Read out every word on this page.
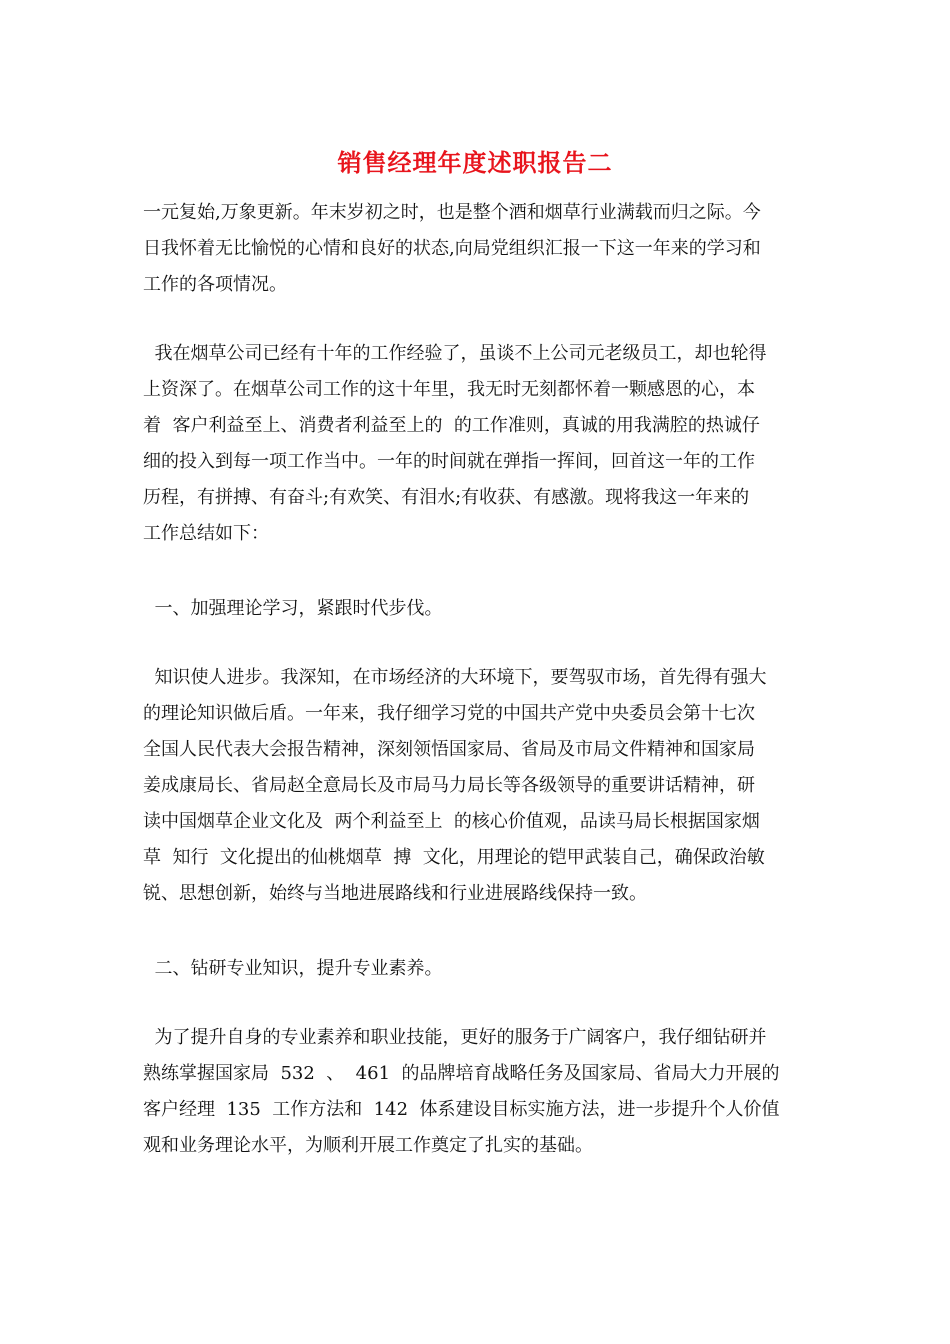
销售经理年度述职报告二
一元复始,万象更新。年末岁初之时，也是整个酒和烟草行业满载而归之际。今
日我怀着无比愉悦的心情和良好的状态,向局党组织汇报一下这一年来的学习和
工作的各项情况。
我在烟草公司已经有十年的工作经验了，虽谈不上公司元老级员工，却也轮得
上资深了。在烟草公司工作的这十年里，我无时无刻都怀着一颗感恩的心，本
着  客户利益至上、消费者利益至上的  的工作准则，真诚的用我满腔的热诚仔
细的投入到每一项工作当中。一年的时间就在弹指一挥间，回首这一年的工作
历程，有拼搏、有奋斗;有欢笑、有泪水;有收获、有感激。现将我这一年来的
工作总结如下：
一、加强理论学习，紧跟时代步伐。
知识使人进步。我深知，在市场经济的大环境下，要驾驭市场，首先得有强大
的理论知识做后盾。一年来，我仔细学习党的中国共产党中央委员会第十七次
全国人民代表大会报告精神，深刻领悟国家局、省局及市局文件精神和国家局
姜成康局长、省局赵全意局长及市局马力局长等各级领导的重要讲话精神，研
读中国烟草企业文化及  两个利益至上  的核心价值观，品读马局长根据国家烟
草  知行  文化提出的仙桃烟草  搏  文化，用理论的铠甲武装自己，确保政治敏
锐、思想创新，始终与当地进展路线和行业进展路线保持一致。
二、钻研专业知识，提升专业素养。
为了提升自身的专业素养和职业技能，更好的服务于广阔客户，我仔细钻研并
熟练掌握国家局  532  、  461  的品牌培育战略任务及国家局、省局大力开展的
客户经理  135  工作方法和  142  体系建设目标实施方法，进一步提升个人价值
观和业务理论水平，为顺利开展工作奠定了扎实的基础。
